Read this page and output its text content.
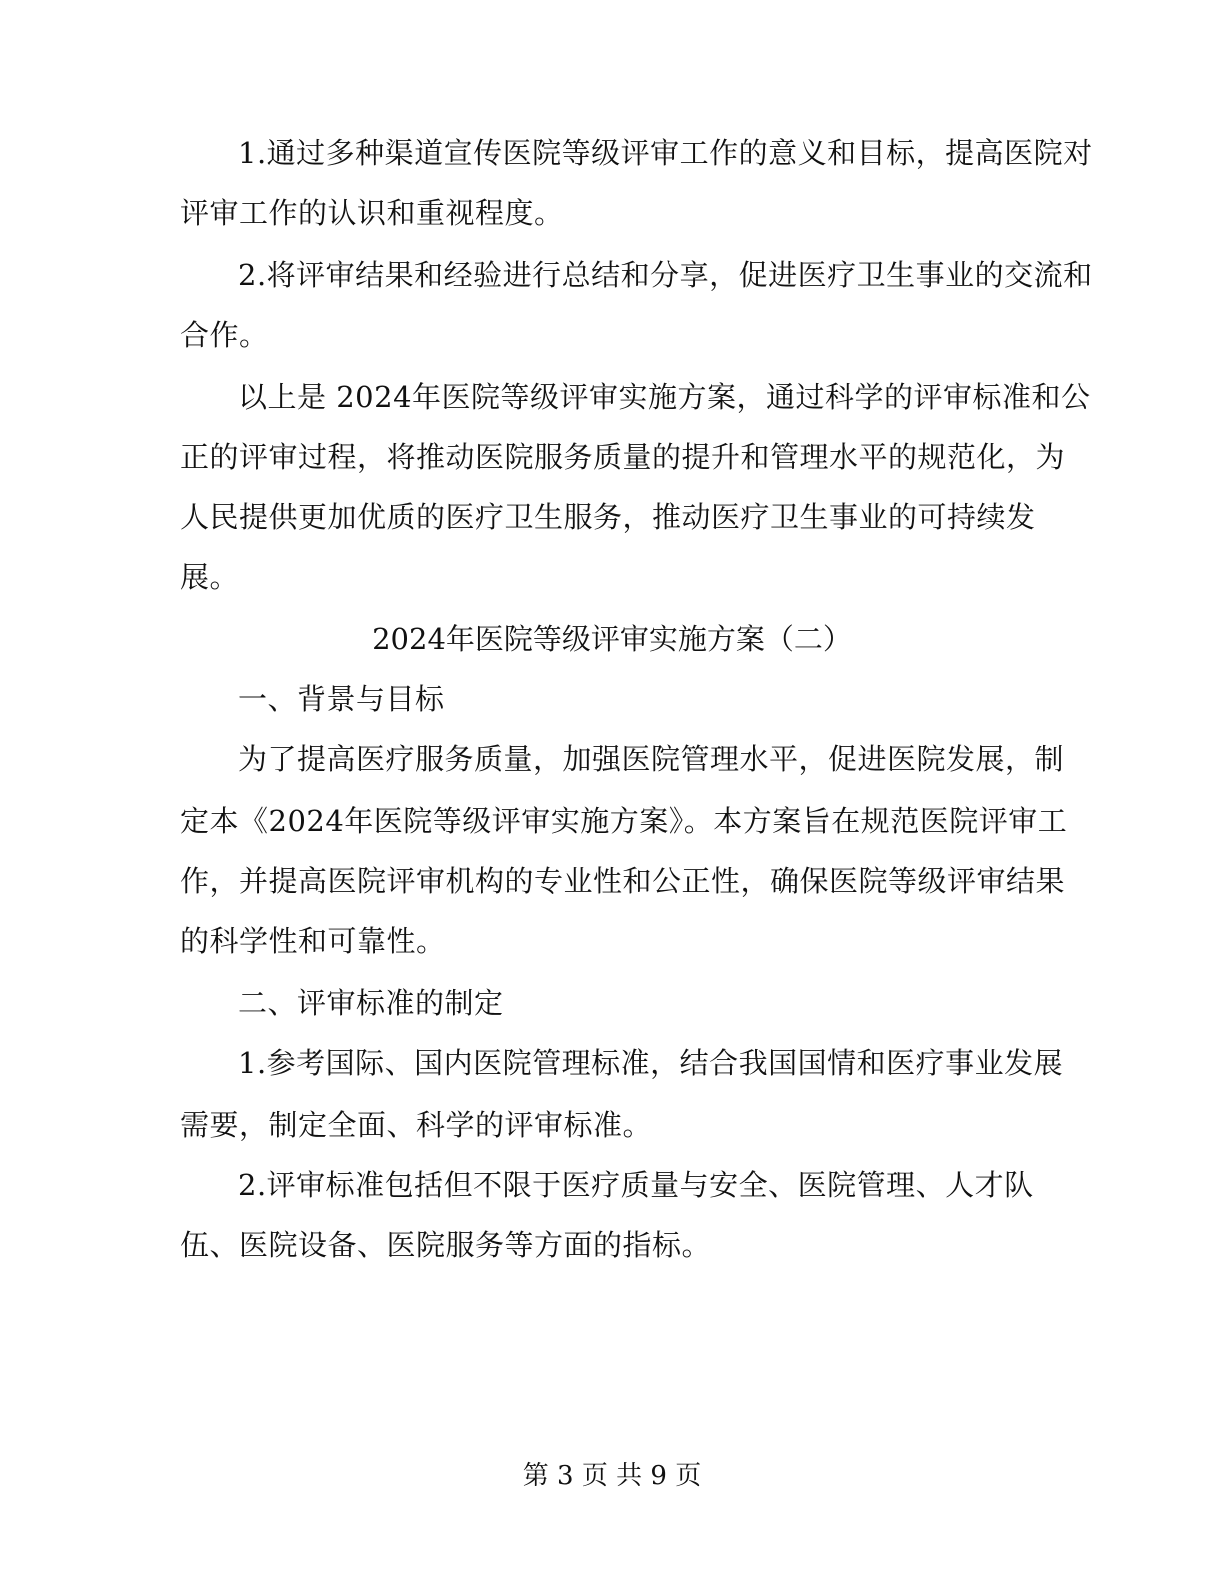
1.通过多种渠道宣传医院等级评审工作的意义和目标，提高医院对
评审工作的认识和重视程度。
2.将评审结果和经验进行总结和分享，促进医疗卫生事业的交流和
合作。
以上是 2024年医院等级评审实施方案，通过科学的评审标准和公
正的评审过程，将推动医院服务质量的提升和管理水平的规范化，为
人民提供更加优质的医疗卫生服务，推动医疗卫生事业的可持续发
展。
2024年医院等级评审实施方案（二）
一、背景与目标
为了提高医疗服务质量，加强医院管理水平，促进医院发展，制
定本《2024年医院等级评审实施方案》。本方案旨在规范医院评审工
作，并提高医院评审机构的专业性和公正性，确保医院等级评审结果
的科学性和可靠性。
二、评审标准的制定
1.参考国际、国内医院管理标准，结合我国国情和医疗事业发展
需要，制定全面、科学的评审标准。
2.评审标准包括但不限于医疗质量与安全、医院管理、人才队
伍、医院设备、医院服务等方面的指标。
第 3 页 共 9 页
